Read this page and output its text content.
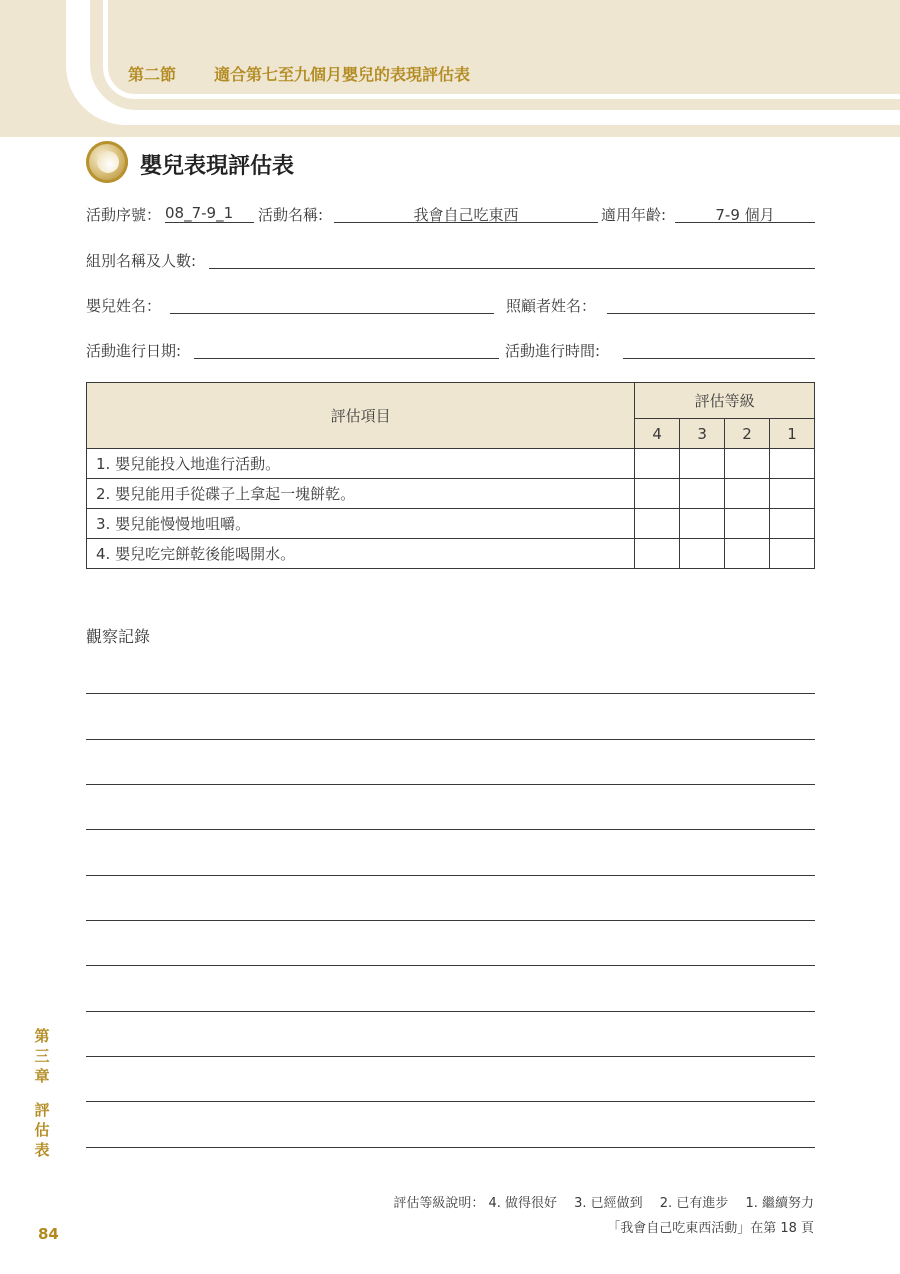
第二節 適合第七至九個月嬰兒的表現評估表
嬰兒表現評估表
活動序號： 08_7-9_1	活動名稱:	我會自己吃東西	適用年齡:	7-9 個月
組別名稱及人數:
嬰兒姓名：	照顧者姓名：
活動進行日期:	活動進行時間:
評估項目	評估等級			
	4	3	2	1
1. 嬰兒能投入地進行活動。				
2. 嬰兒能用手從碟子上拿起一塊餅乾。				
3. 嬰兒能慢慢地咀嚼。				
4. 嬰兒吃完餅乾後能喝開水。				
觀察記錄
第
三
章
評
估
表
84
評估等級說明： 4. 做得很好　 3. 已經做到　 2. 已有進步　 1. 繼續努力
「我會自己吃東西活動」在第 18 頁
